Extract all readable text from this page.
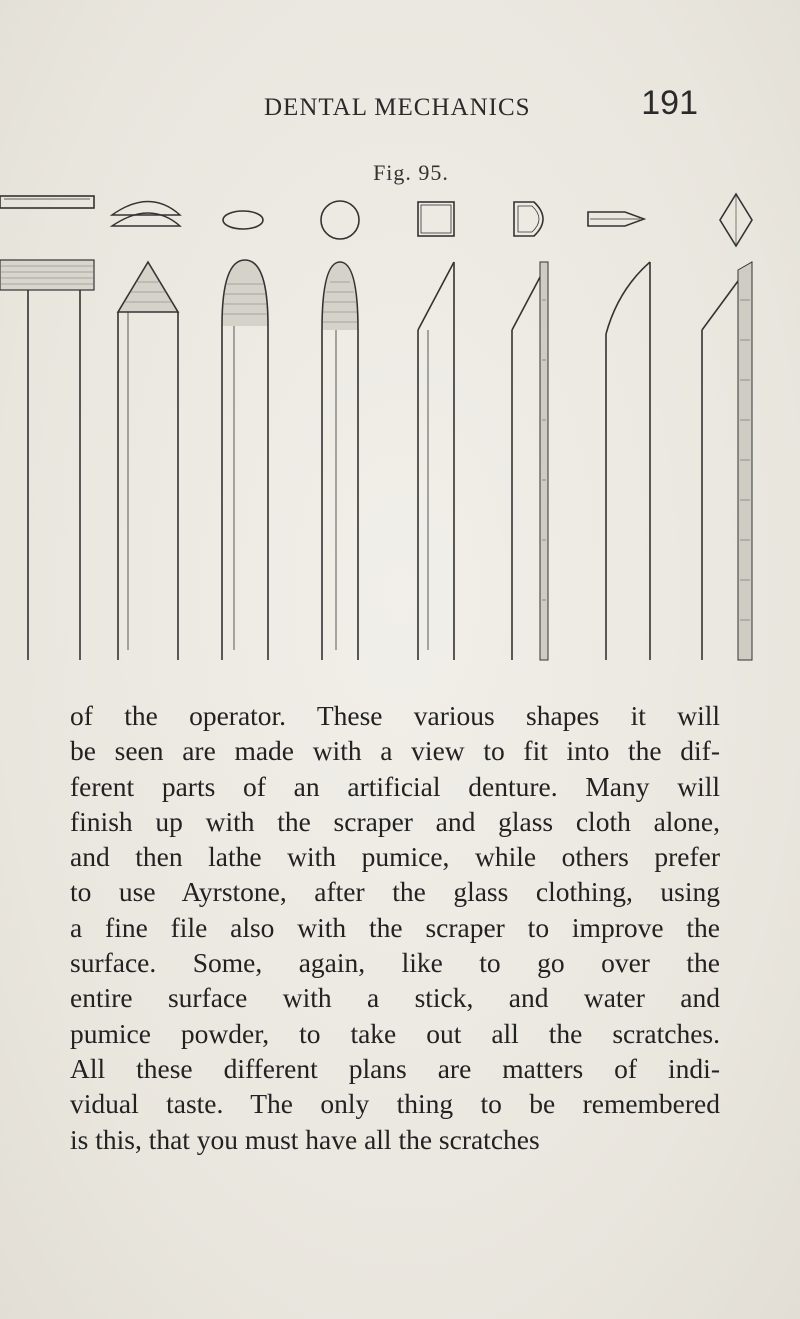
DENTAL MECHANICS	191
Fig. 95.
of the operator. These various shapes it will
be seen are made with a view to fit into the dif-
ferent parts of an artificial denture. Many will
finish up with the scraper and glass cloth alone,
and then lathe with pumice, while others prefer
to use Ayrstone, after the glass clothing, using
a fine file also with the scraper to improve the
surface. Some, again, like to go over the
entire surface with a stick, and water and
pumice powder, to take out all the scratches.
All these different plans are matters of indi-
vidual taste. The only thing to be remembered
is this, that you must have all the scratches
